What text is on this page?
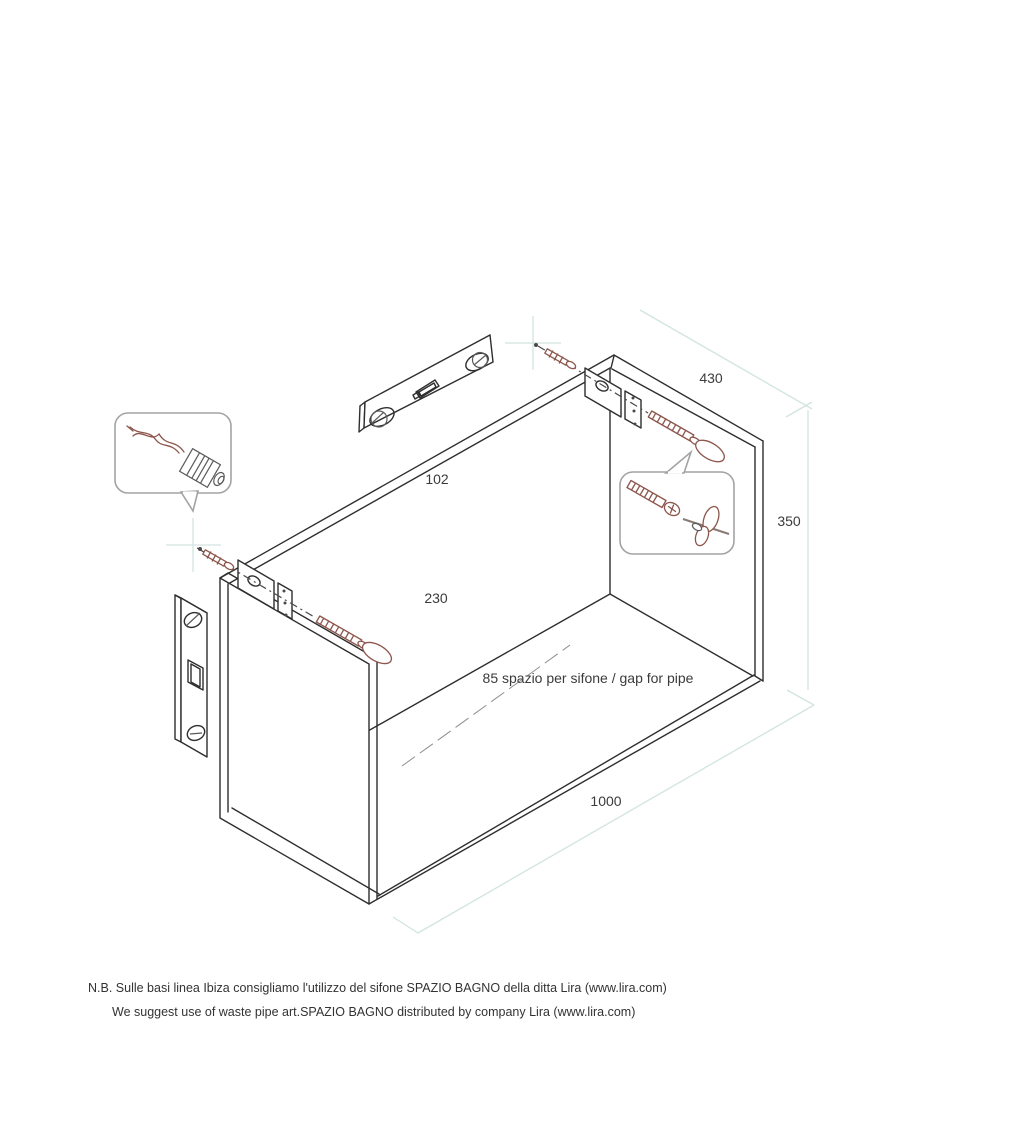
430
350
102
230
1000
85 spazio per sifone / gap for pipe
N.B. Sulle basi linea Ibiza consigliamo l'utilizzo del sifone SPAZIO BAGNO della ditta Lira (www.lira.com)
We suggest use of waste pipe art.SPAZIO BAGNO distributed by company Lira (www.lira.com)
